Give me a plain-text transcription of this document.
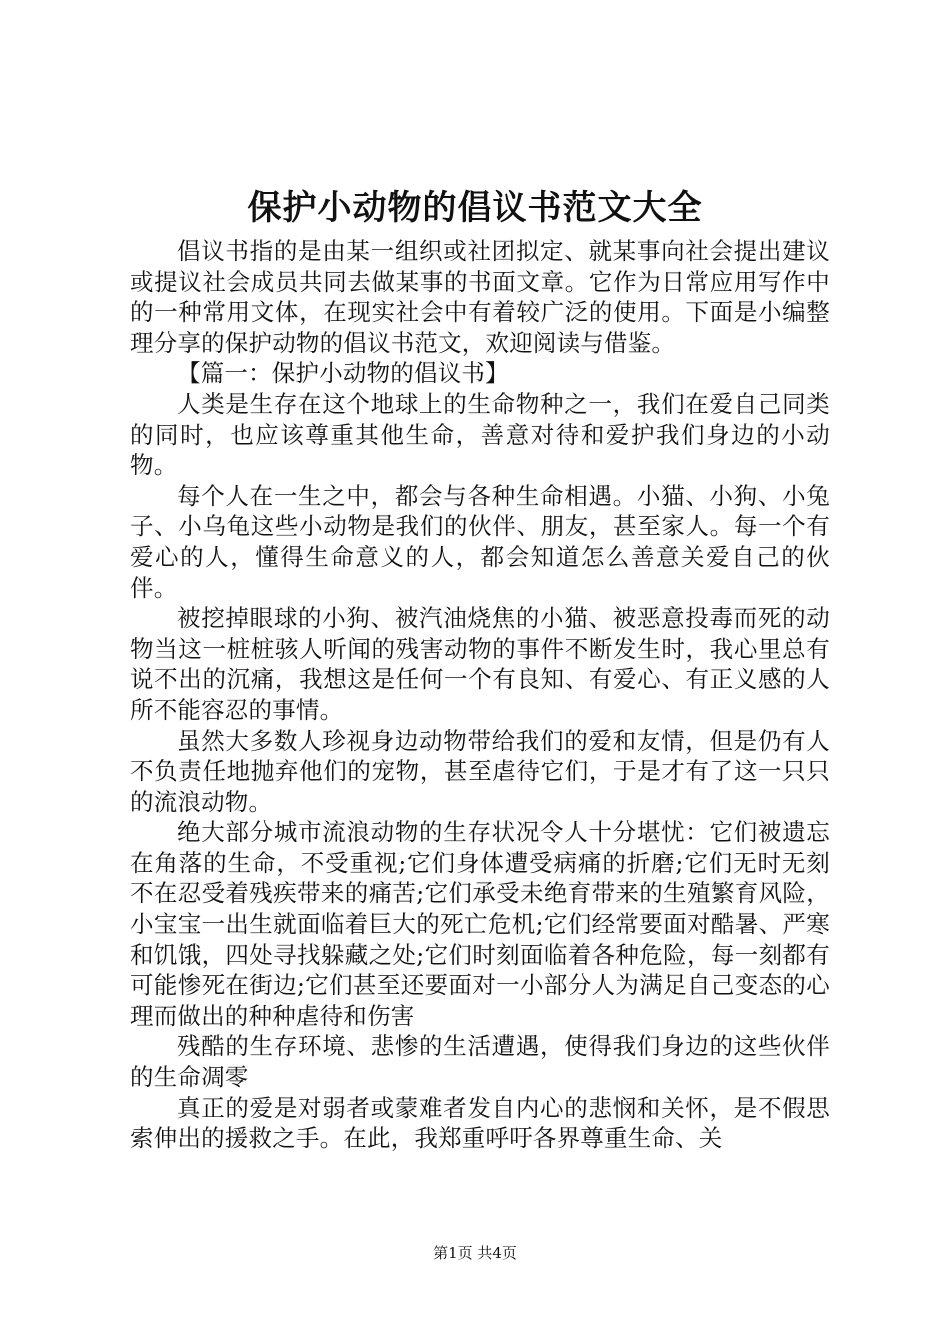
保护小动物的倡议书范文大全

倡议书指的是由某一组织或社团拟定、就某事向社会提出建议或提议社会成员共同去做某事的书面文章。它作为日常应用写作中的一种常用文体，在现实社会中有着较广泛的使用。下面是小编整理分享的保护动物的倡议书范文，欢迎阅读与借鉴。

【篇一：保护小动物的倡议书】

人类是生存在这个地球上的生命物种之一，我们在爱自己同类的同时，也应该尊重其他生命，善意对待和爱护我们身边的小动物。

每个人在一生之中，都会与各种生命相遇。小猫、小狗、小兔子、小乌龟这些小动物是我们的伙伴、朋友，甚至家人。每一个有爱心的人，懂得生命意义的人，都会知道怎么善意关爱自己的伙伴。

被挖掉眼球的小狗、被汽油烧焦的小猫、被恶意投毒而死的动物当这一桩桩骇人听闻的残害动物的事件不断发生时，我心里总有说不出的沉痛，我想这是任何一个有良知、有爱心、有正义感的人所不能容忍的事情。

虽然大多数人珍视身边动物带给我们的爱和友情，但是仍有人不负责任地抛弃他们的宠物，甚至虐待它们，于是才有了这一只只的流浪动物。

绝大部分城市流浪动物的生存状况令人十分堪忧：它们被遗忘在角落的生命，不受重视;它们身体遭受病痛的折磨;它们无时无刻不在忍受着残疾带来的痛苦;它们承受未绝育带来的生殖繁育风险，小宝宝一出生就面临着巨大的死亡危机;它们经常要面对酷暑、严寒和饥饿，四处寻找躲藏之处;它们时刻面临着各种危险，每一刻都有可能惨死在街边;它们甚至还要面对一小部分人为满足自己变态的心理而做出的种种虐待和伤害

残酷的生存环境、悲惨的生活遭遇，使得我们身边的这些伙伴的生命凋零

真正的爱是对弱者或蒙难者发自内心的悲悯和关怀，是不假思索伸出的援救之手。在此，我郑重呼吁各界尊重生命、关

第1页 共4页
